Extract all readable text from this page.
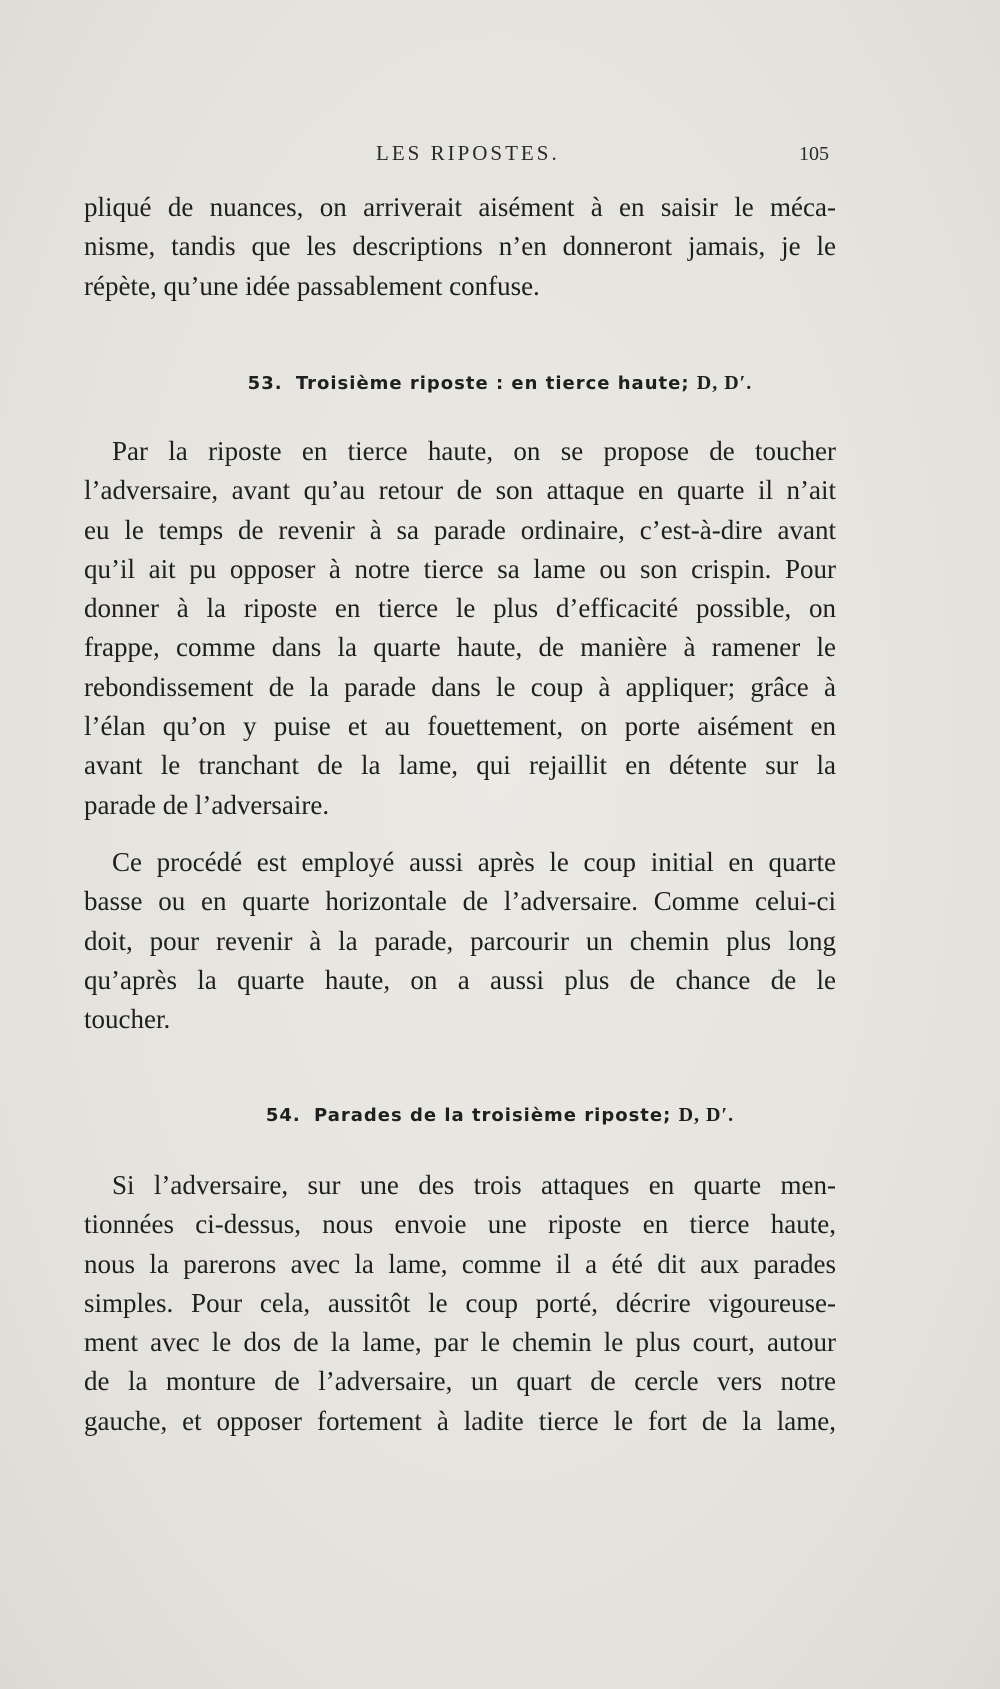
LES RIPOSTES.	105
pliqué de nuances, on arriverait aisément à en saisir le méca-
nisme, tandis que les descriptions n’en donneront jamais, je le
répète, qu’une idée passablement confuse.
53. Troisième riposte : en tierce haute; D, D′.
Par la riposte en tierce haute, on se propose de toucher
l’adversaire, avant qu’au retour de son attaque en quarte il n’ait
eu le temps de revenir à sa parade ordinaire, c’est-à-dire avant
qu’il ait pu opposer à notre tierce sa lame ou son crispin. Pour
donner à la riposte en tierce le plus d’efficacité possible, on
frappe, comme dans la quarte haute, de manière à ramener le
rebondissement de la parade dans le coup à appliquer; grâce à
l’élan qu’on y puise et au fouettement, on porte aisément en
avant le tranchant de la lame, qui rejaillit en détente sur la
parade de l’adversaire.
Ce procédé est employé aussi après le coup initial en quarte
basse ou en quarte horizontale de l’adversaire. Comme celui-ci
doit, pour revenir à la parade, parcourir un chemin plus long
qu’après la quarte haute, on a aussi plus de chance de le
toucher.
54. Parades de la troisième riposte; D, D′.
Si l’adversaire, sur une des trois attaques en quarte men-
tionnées ci-dessus, nous envoie une riposte en tierce haute,
nous la parerons avec la lame, comme il a été dit aux parades
simples. Pour cela, aussitôt le coup porté, décrire vigoureuse-
ment avec le dos de la lame, par le chemin le plus court, autour
de la monture de l’adversaire, un quart de cercle vers notre
gauche, et opposer fortement à ladite tierce le fort de la lame,
